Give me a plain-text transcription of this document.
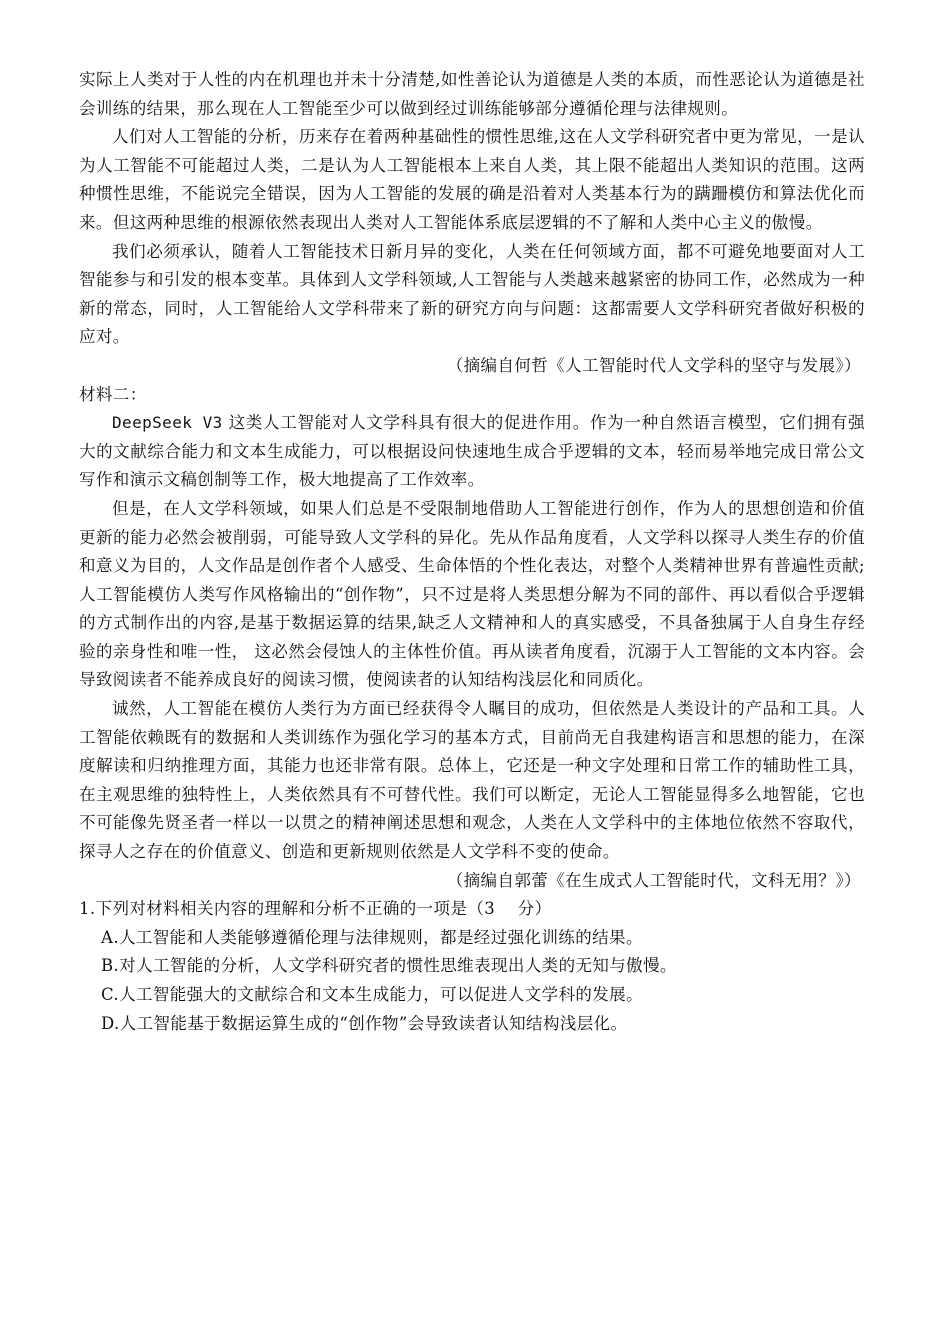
实际上人类对于人性的内在机理也并未十分清楚,如性善论认为道德是人类的本质，而性恶论认为道德是社会训练的结果，那么现在人工智能至少可以做到经过训练能够部分遵循伦理与法律规则。

人们对人工智能的分析，历来存在着两种基础性的惯性思维,这在人文学科研究者中更为常见，一是认为人工智能不可能超过人类，二是认为人工智能根本上来自人类，其上限不能超出人类知识的范围。这两种惯性思维，不能说完全错误，因为人工智能的发展的确是沿着对人类基本行为的蹒跚模仿和算法优化而来。但这两种思维的根源依然表现出人类对人工智能体系底层逻辑的不了解和人类中心主义的傲慢。

我们必须承认，随着人工智能技术日新月异的变化，人类在任何领域方面，都不可避免地要面对人工智能参与和引发的根本变革。具体到人文学科领域,人工智能与人类越来越紧密的协同工作，必然成为一种新的常态，同时，人工智能给人文学科带来了新的研究方向与问题：这都需要人文学科研究者做好积极的应对。

（摘编自何哲《人工智能时代人文学科的坚守与发展》）

材料二：

DeepSeek V3 这类人工智能对人文学科具有很大的促进作用。作为一种自然语言模型，它们拥有强大的文献综合能力和文本生成能力，可以根据设问快速地生成合乎逻辑的文本，轻而易举地完成日常公文写作和演示文稿创制等工作，极大地提高了工作效率。

但是，在人文学科领域，如果人们总是不受限制地借助人工智能进行创作，作为人的思想创造和价值更新的能力必然会被削弱，可能导致人文学科的异化。先从作品角度看，人文学科以探寻人类生存的价值和意义为目的，人文作品是创作者个人感受、生命体悟的个性化表达，对整个人类精神世界有普遍性贡献;人工智能模仿人类写作风格输出的“创作物”，只不过是将人类思想分解为不同的部件、再以看似合乎逻辑的方式制作出的内容,是基于数据运算的结果,缺乏人文精神和人的真实感受，不具备独属于人自身生存经验的亲身性和唯一性， 这必然会侵蚀人的主体性价值。再从读者角度看，沉溺于人工智能的文本内容。会导致阅读者不能养成良好的阅读习惯，使阅读者的认知结构浅层化和同质化。

诚然，人工智能在模仿人类行为方面已经获得令人瞩目的成功，但依然是人类设计的产品和工具。人工智能依赖既有的数据和人类训练作为强化学习的基本方式，目前尚无自我建构语言和思想的能力，在深度解读和归纳推理方面，其能力也还非常有限。总体上，它还是一种文字处理和日常工作的辅助性工具，在主观思维的独特性上，人类依然具有不可替代性。我们可以断定，无论人工智能显得多么地智能，它也不可能像先贤圣者一样以一以贯之的精神阐述思想和观念，人类在人文学科中的主体地位依然不容取代，探寻人之存在的价值意义、创造和更新规则依然是人文学科不变的使命。

（摘编自郭蕾《在生成式人工智能时代，文科无用？》）

1.下列对材料相关内容的理解和分析不正确的一项是（3　 分）

A.人工智能和人类能够遵循伦理与法律规则，都是经过强化训练的结果。

B.对人工智能的分析，人文学科研究者的惯性思维表现出人类的无知与傲慢。

C.人工智能强大的文献综合和文本生成能力，可以促进人文学科的发展。

D.人工智能基于数据运算生成的“创作物”会导致读者认知结构浅层化。
